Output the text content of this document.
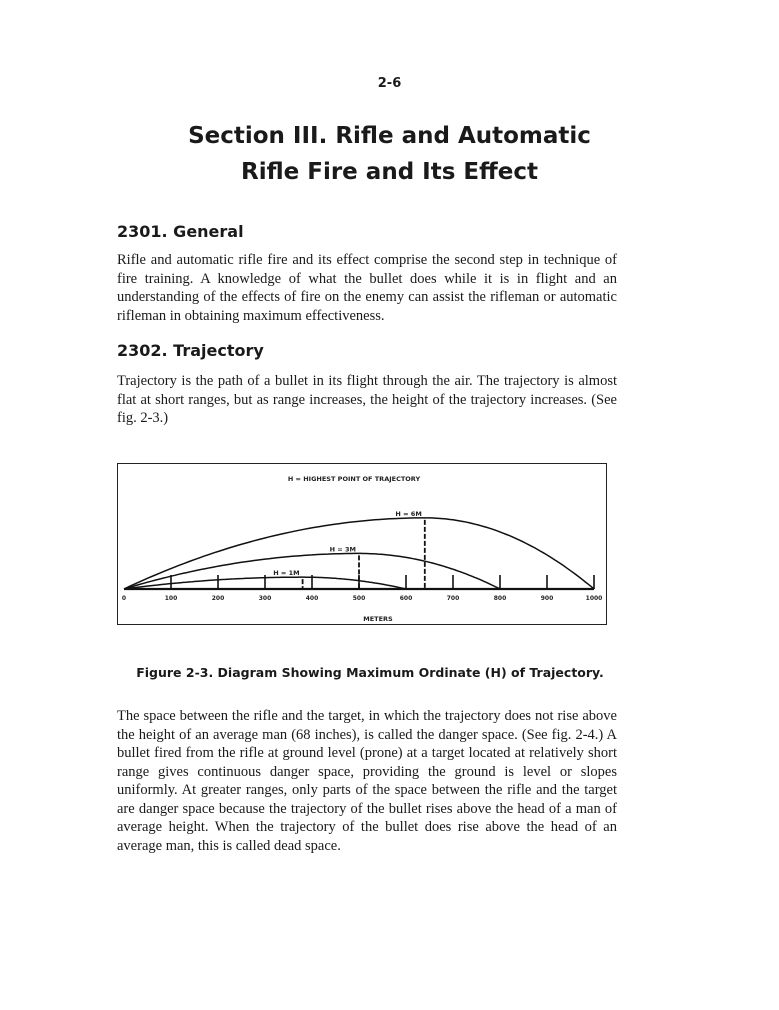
2-6
Section III. Rifle and Automatic
Rifle Fire and Its Effect
2301. General
Rifle and automatic rifle fire and its effect comprise the second step in technique of fire training. A knowledge of what the bullet does while it is in flight and an understanding of the effects of fire on the enemy can assist the rifleman or automatic rifleman in obtaining maximum effectiveness.
2302. Trajectory
Trajectory is the path of a bullet in its flight through the air. The trajectory is almost flat at short ranges, but as range increases, the height of the trajectory increases. (See fig. 2-3.)
H = HIGHEST POINT OF TRAJECTORY
METERS
0	100	200	300	400	500	600	700	800	900	1000
H = 1M
H = 3M
H = 6M
Figure 2-3. Diagram Showing Maximum Ordinate (H) of Trajectory.
The space between the rifle and the target, in which the trajectory does not rise above the height of an average man (68 inches), is called the danger space. (See fig. 2-4.) A bullet fired from the rifle at ground level (prone) at a target located at relatively short range gives continuous danger space, providing the ground is level or slopes uniformly. At greater ranges, only parts of the space between the rifle and the target are danger space because the trajectory of the bullet rises above the head of a man of average height. When the trajectory of the bullet does rise above the head of an average man, this is called dead space.
